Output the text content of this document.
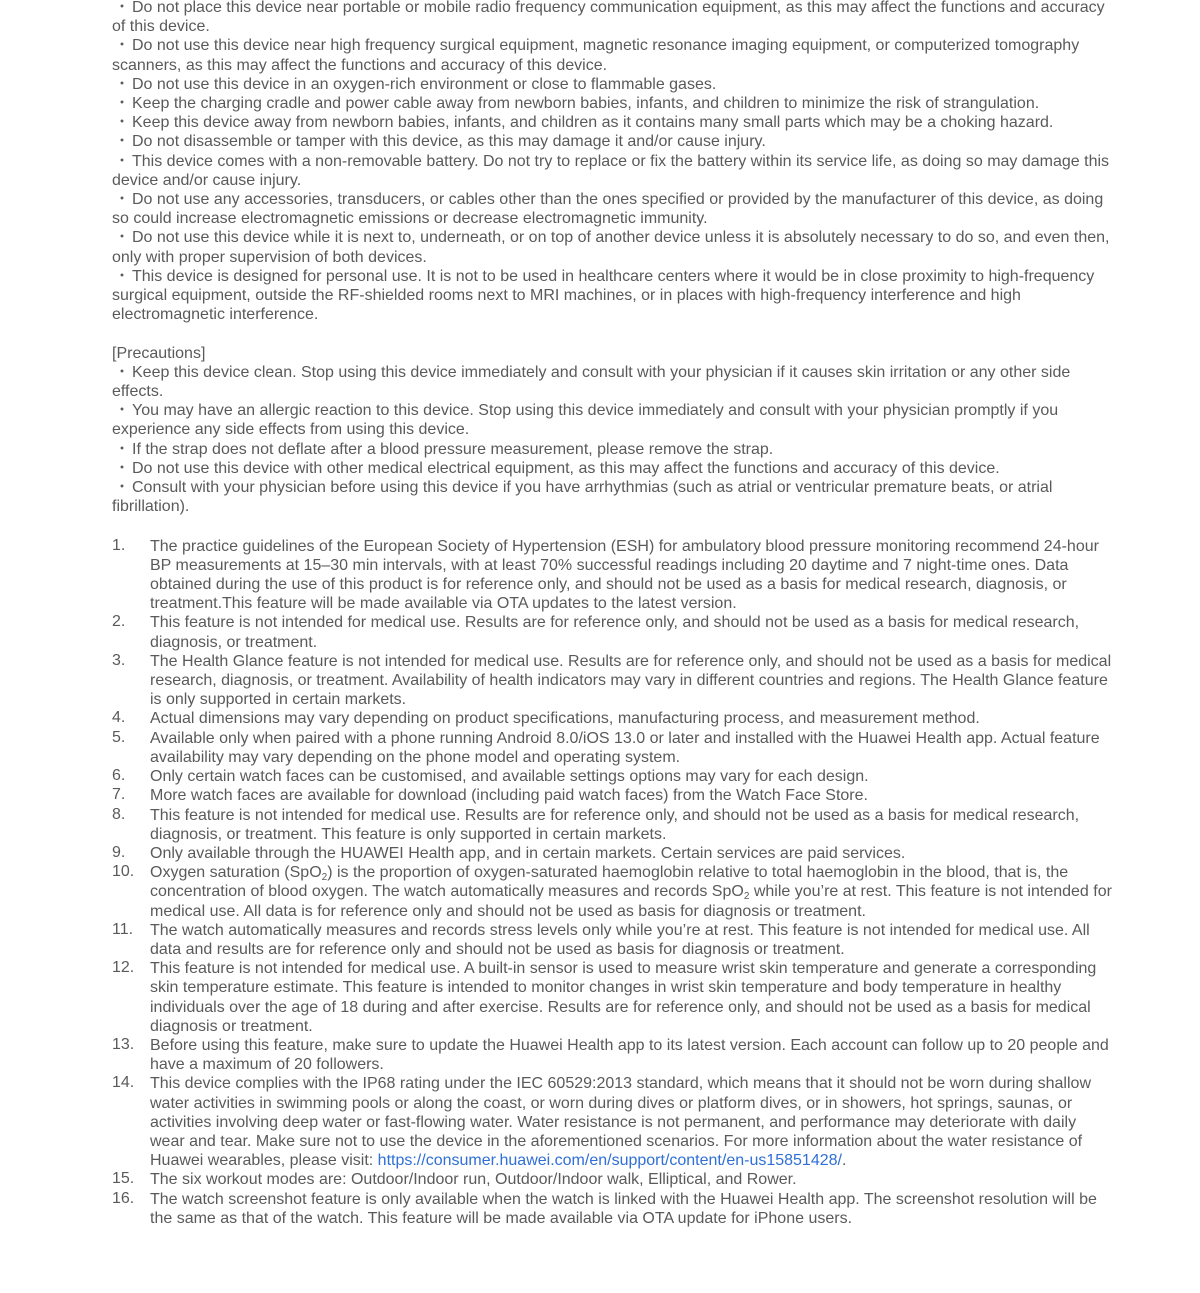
・ Do not place this device near portable or mobile radio frequency communication equipment, as this may affect the functions and accuracy of this device.
・ Do not use this device near high frequency surgical equipment, magnetic resonance imaging equipment, or computerized tomography scanners, as this may affect the functions and accuracy of this device.
・ Do not use this device in an oxygen-rich environment or close to flammable gases.
・ Keep the charging cradle and power cable away from newborn babies, infants, and children to minimize the risk of strangulation.
・ Keep this device away from newborn babies, infants, and children as it contains many small parts which may be a choking hazard.
・ Do not disassemble or tamper with this device, as this may damage it and/or cause injury.
・ This device comes with a non-removable battery. Do not try to replace or fix the battery within its service life, as doing so may damage this device and/or cause injury.
・ Do not use any accessories, transducers, or cables other than the ones specified or provided by the manufacturer of this device, as doing so could increase electromagnetic emissions or decrease electromagnetic immunity.
・ Do not use this device while it is next to, underneath, or on top of another device unless it is absolutely necessary to do so, and even then, only with proper supervision of both devices.
・ This device is designed for personal use. It is not to be used in healthcare centers where it would be in close proximity to high-frequency surgical equipment, outside the RF-shielded rooms next to MRI machines, or in places with high-frequency interference and high electromagnetic interference.

[Precautions]

・ Keep this device clean. Stop using this device immediately and consult with your physician if it causes skin irritation or any other side effects.
・ You may have an allergic reaction to this device. Stop using this device immediately and consult with your physician promptly if you experience any side effects from using this device.
・ If the strap does not deflate after a blood pressure measurement, please remove the strap.
・ Do not use this device with other medical electrical equipment, as this may affect the functions and accuracy of this device.
・ Consult with your physician before using this device if you have arrhythmias (such as atrial or ventricular premature beats, or atrial fibrillation).
1.	The practice guidelines of the European Society of Hypertension (ESH) for ambulatory blood pressure monitoring recommend 24-hour BP measurements at 15–30 min intervals, with at least 70% successful readings including 20 daytime and 7 night-time ones. Data obtained during the use of this product is for reference only, and should not be used as a basis for medical research, diagnosis, or treatment.This feature will be made available via OTA updates to the latest version.
2.	This feature is not intended for medical use. Results are for reference only, and should not be used as a basis for medical research, diagnosis, or treatment.
3.	The Health Glance feature is not intended for medical use. Results are for reference only, and should not be used as a basis for medical research, diagnosis, or treatment. Availability of health indicators may vary in different countries and regions. The Health Glance feature is only supported in certain markets.
4.	Actual dimensions may vary depending on product specifications, manufacturing process, and measurement method.
5.	Available only when paired with a phone running Android 8.0/iOS 13.0 or later and installed with the Huawei Health app. Actual feature availability may vary depending on the phone model and operating system.
6.	Only certain watch faces can be customised, and available settings options may vary for each design.
7.	More watch faces are available for download (including paid watch faces) from the Watch Face Store.
8.	This feature is not intended for medical use. Results are for reference only, and should not be used as a basis for medical research, diagnosis, or treatment. This feature is only supported in certain markets.
9.	Only available through the HUAWEI Health app, and in certain markets. Certain services are paid services.
10. Oxygen saturation (SpO$_2$) is the proportion of oxygen-saturated haemoglobin relative to total haemoglobin in the blood, that is, the concentration of blood oxygen. The watch automatically measures and records SpO$_2$ while you’re at rest. This feature is not intended for medical use. All data is for reference only and should not be used as basis for diagnosis or treatment.
11.	The watch automatically measures and records stress levels only while you’re at rest. This feature is not intended for medical use. All data and results are for reference only and should not be used as basis for diagnosis or treatment.
12. This feature is not intended for medical use. A built-in sensor is used to measure wrist skin temperature and generate a corresponding skin temperature estimate. This feature is intended to monitor changes in wrist skin temperature and body temperature in healthy individuals over the age of 18 during and after exercise. Results are for reference only, and should not be used as a basis for medical diagnosis or treatment.
13. Before using this feature, make sure to update the Huawei Health app to its latest version. Each account can follow up to 20 people and have a maximum of 20 followers.
14. This device complies with the IP68 rating under the IEC 60529:2013 standard, which means that it should not be worn during shallow water activities in swimming pools or along the coast, or worn during dives or platform dives, or in showers, hot springs, saunas, or activities involving deep water or fast-flowing water. Water resistance is not permanent, and performance may deteriorate with daily wear and tear. Make sure not to use the device in the aforementioned scenarios. For more information about the water resistance of Huawei wearables, please visit: https://consumer.huawei.com/en/support/content/en-us15851428/.
15. The six workout modes are: Outdoor/Indoor run, Outdoor/Indoor walk, Elliptical, and Rower.
16. The watch screenshot feature is only available when the watch is linked with the Huawei Health app. The screenshot resolution will be the same as that of the watch. This feature will be made available via OTA update for iPhone users.
